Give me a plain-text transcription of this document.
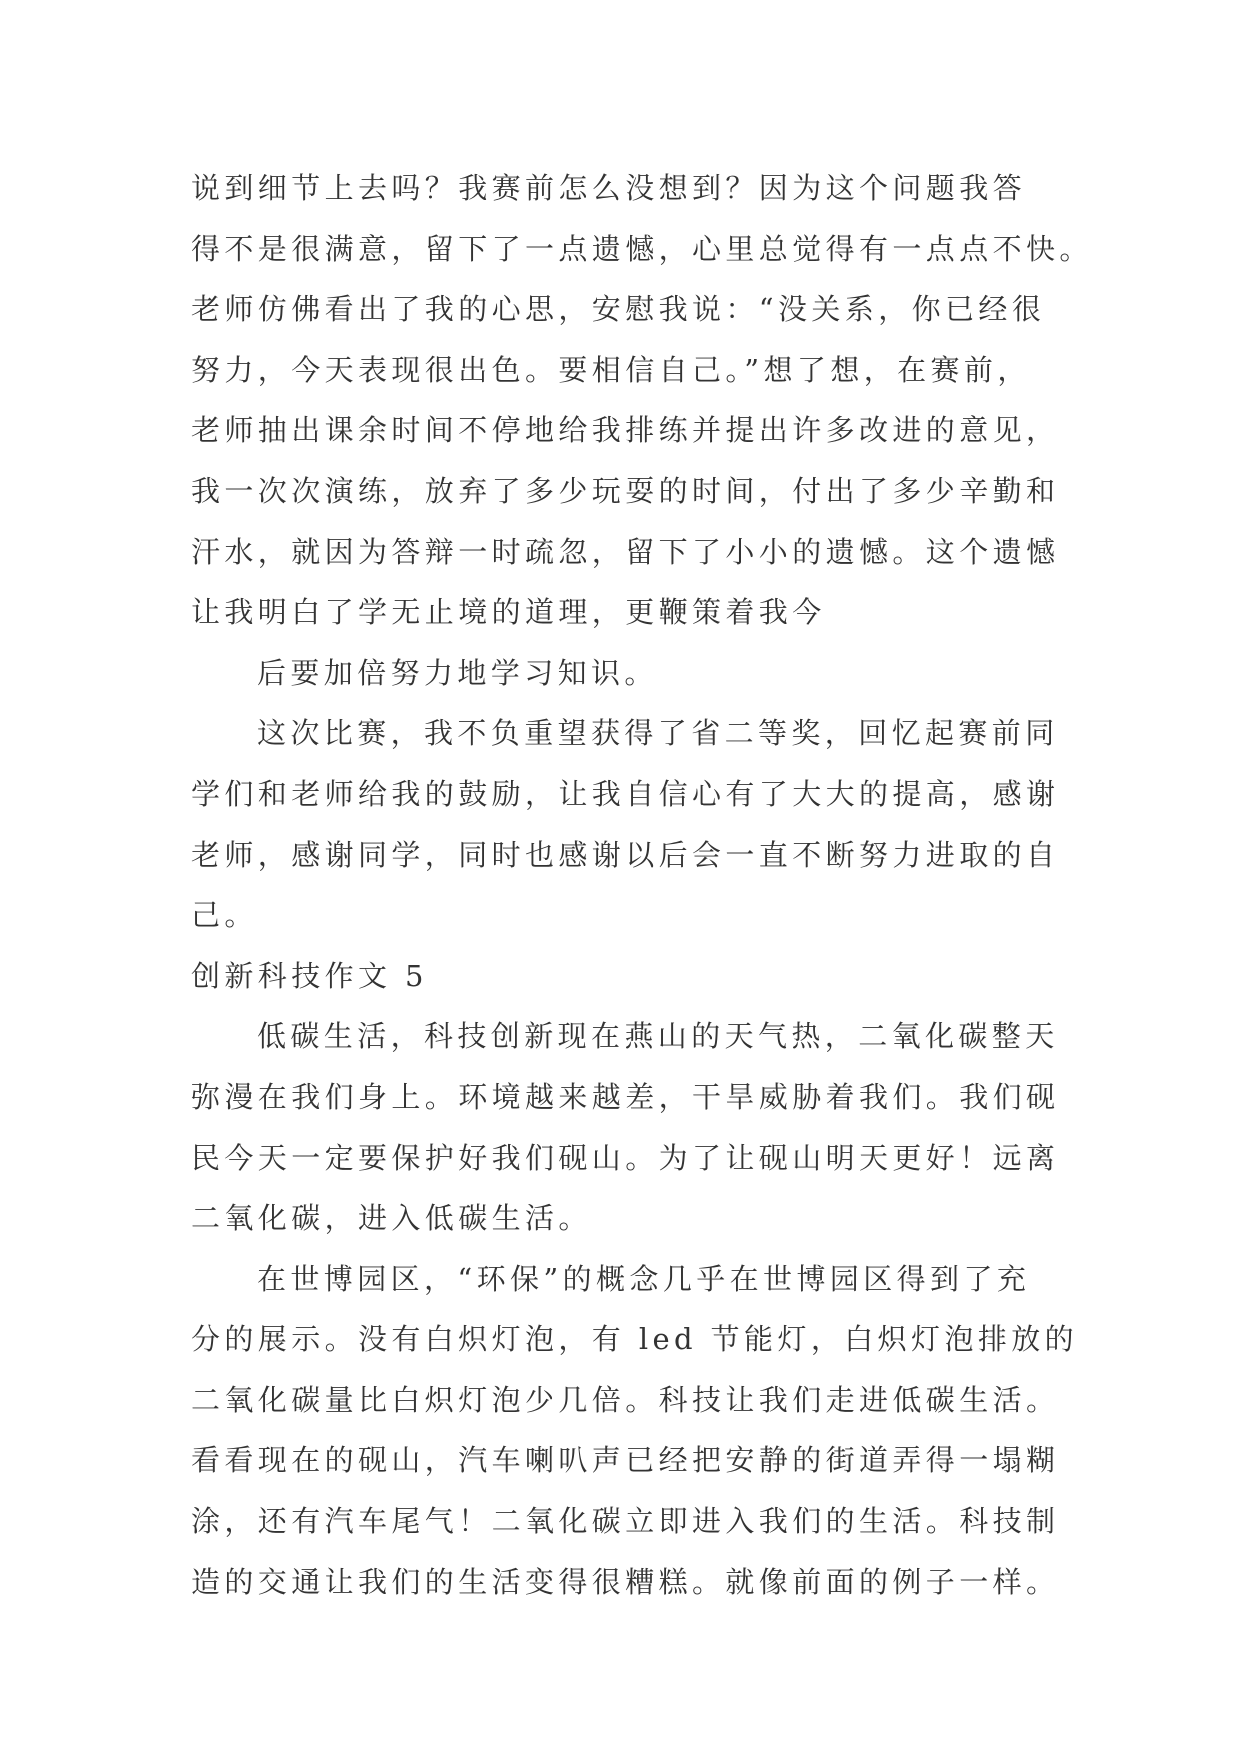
说到细节上去吗？我赛前怎么没想到？因为这个问题我答
得不是很满意，留下了一点遗憾，心里总觉得有一点点不快。
老师仿佛看出了我的心思，安慰我说：“没关系，你已经很
努力，今天表现很出色。要相信自己。”想了想，在赛前，
老师抽出课余时间不停地给我排练并提出许多改进的意见，
我一次次演练，放弃了多少玩耍的时间，付出了多少辛勤和
汗水，就因为答辩一时疏忽，留下了小小的遗憾。这个遗憾
让我明白了学无止境的道理，更鞭策着我今
后要加倍努力地学习知识。
这次比赛，我不负重望获得了省二等奖，回忆起赛前同
学们和老师给我的鼓励，让我自信心有了大大的提高，感谢
老师，感谢同学，同时也感谢以后会一直不断努力进取的自
己。
创新科技作文 5
低碳生活，科技创新现在燕山的天气热，二氧化碳整天
弥漫在我们身上。环境越来越差，干旱威胁着我们。我们砚
民今天一定要保护好我们砚山。为了让砚山明天更好！远离
二氧化碳，进入低碳生活。
在世博园区，“环保”的概念几乎在世博园区得到了充
分的展示。没有白炽灯泡，有 led 节能灯，白炽灯泡排放的
二氧化碳量比白炽灯泡少几倍。科技让我们走进低碳生活。
看看现在的砚山，汽车喇叭声已经把安静的街道弄得一塌糊
涂，还有汽车尾气！二氧化碳立即进入我们的生活。科技制
造的交通让我们的生活变得很糟糕。就像前面的例子一样。
